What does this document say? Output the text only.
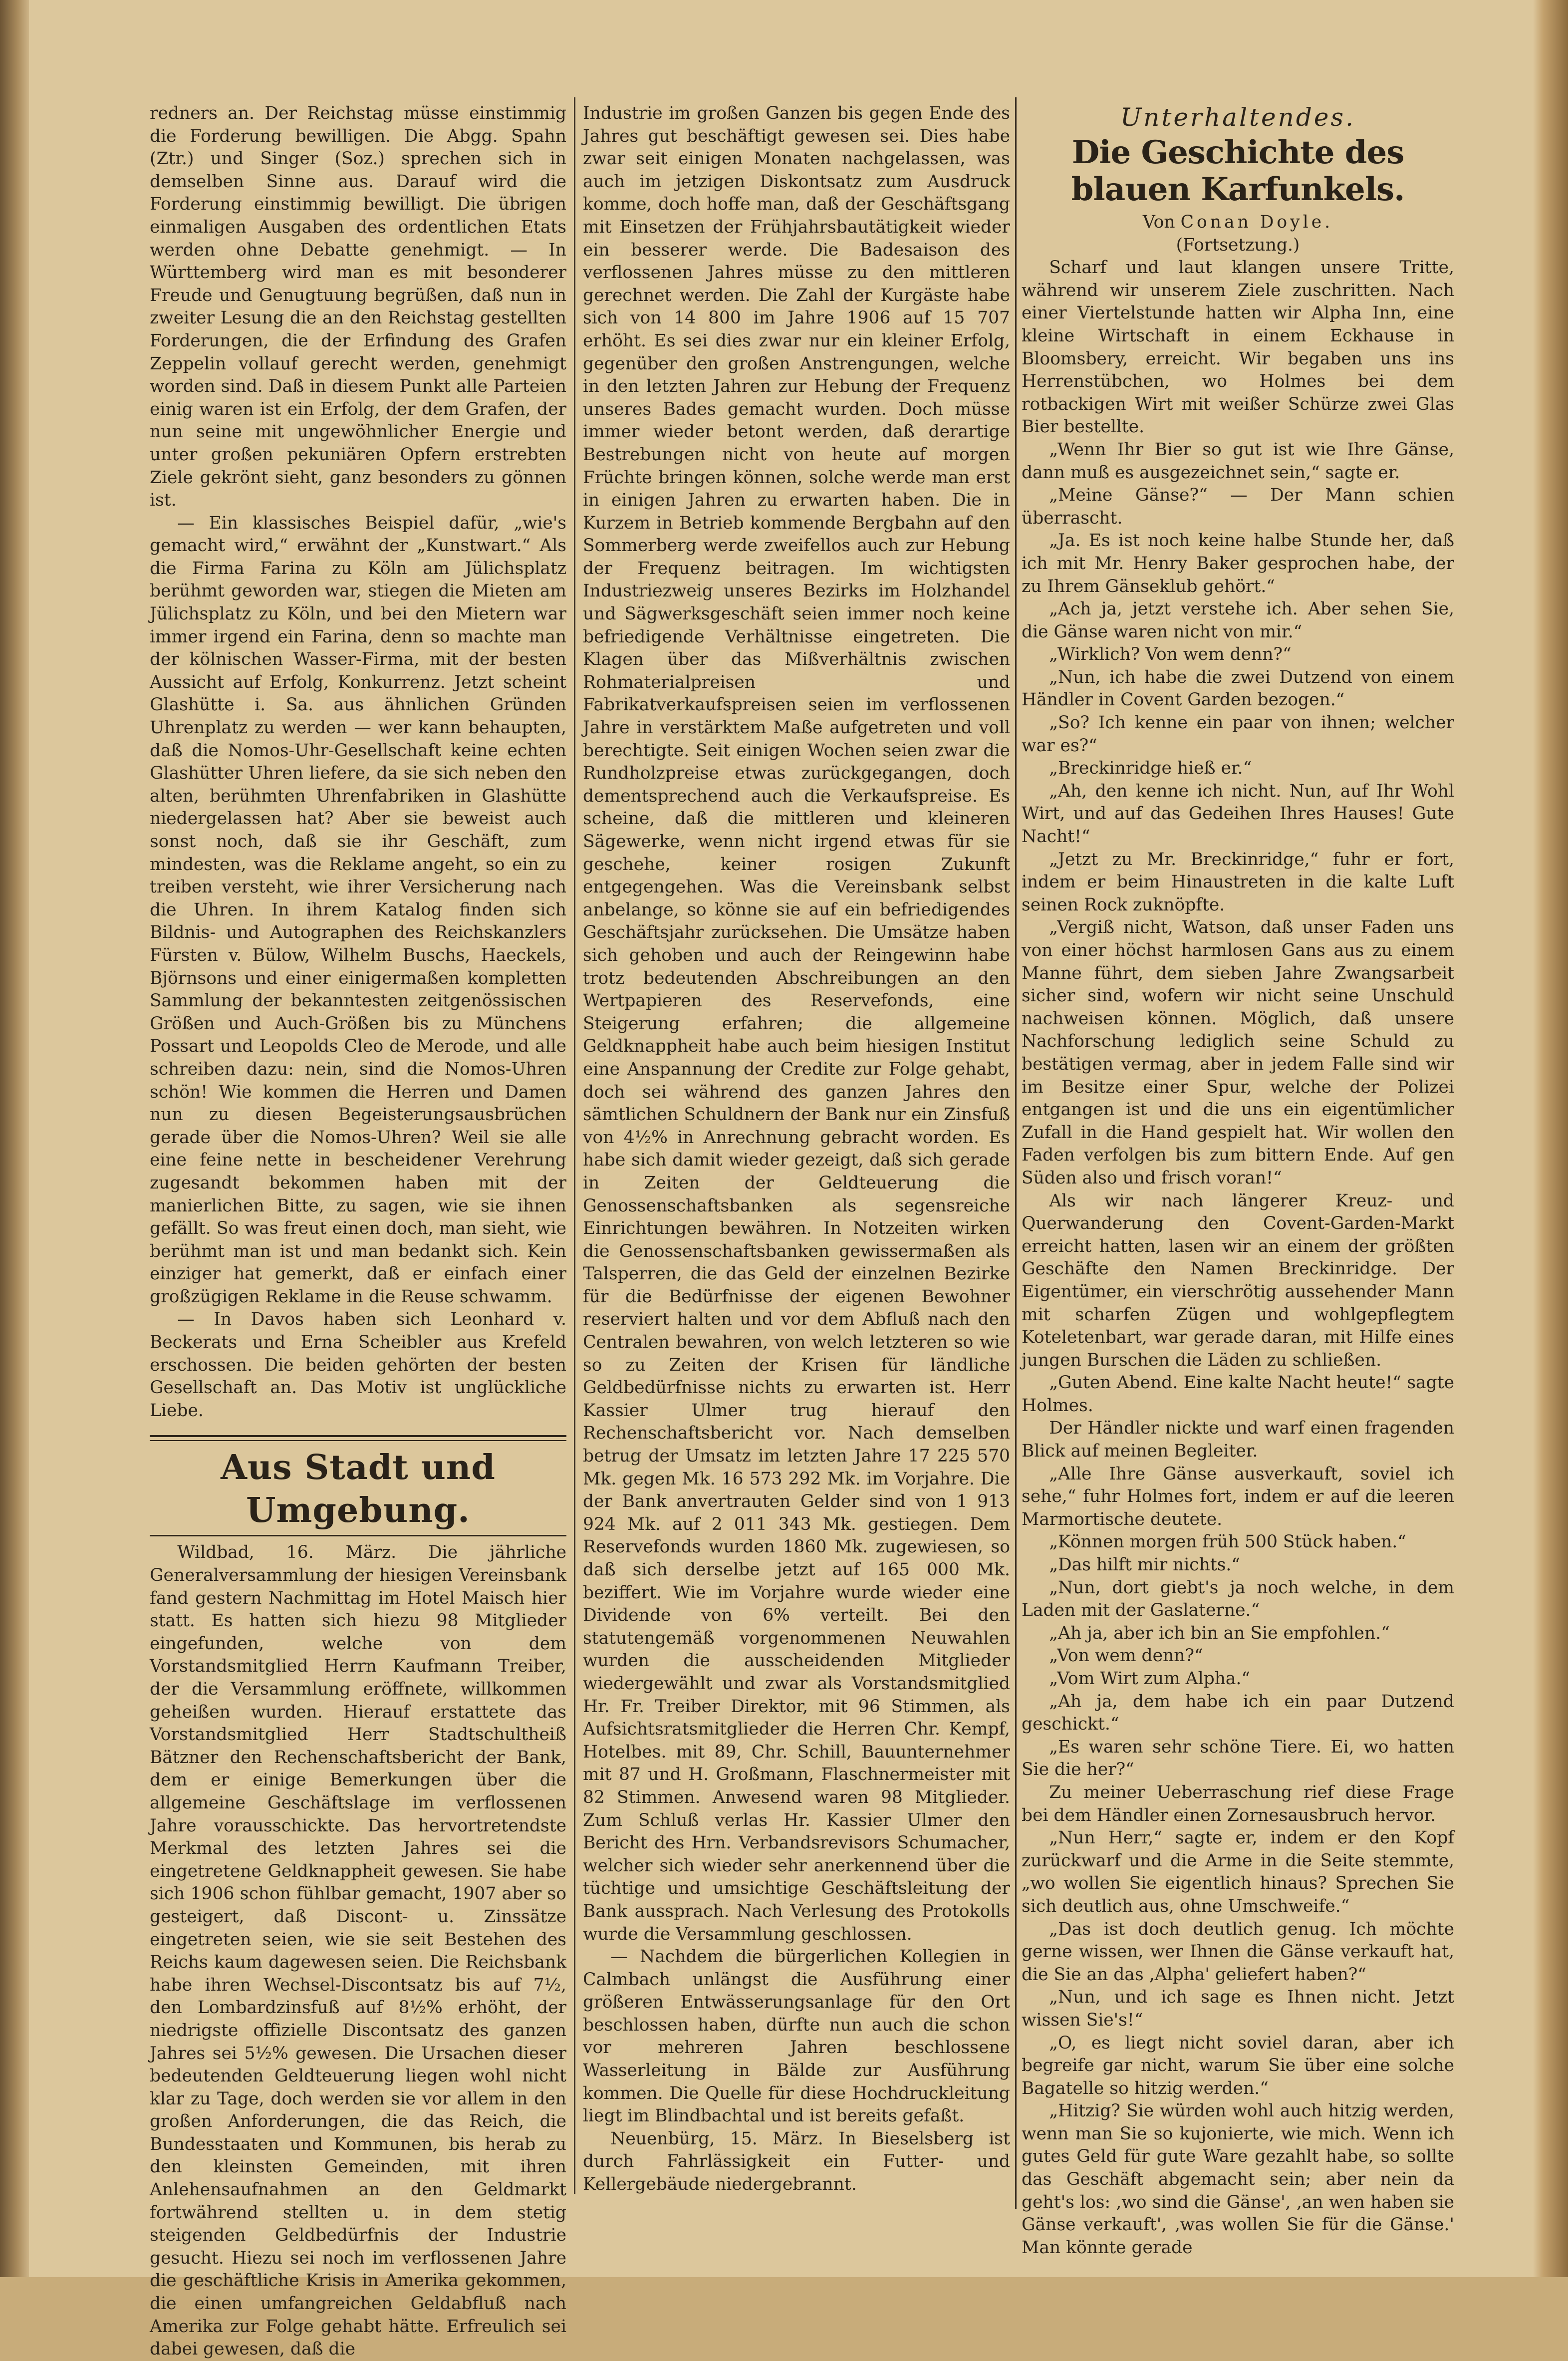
redners an. Der Reichstag müsse einstimmig die Forderung bewilligen. Die Abgg. Spahn (Ztr.) und Singer (Soz.) sprechen sich in demselben Sinne aus. Darauf wird die Forderung einstimmig bewilligt. Die übrigen einmaligen Ausgaben des ordentlichen Etats werden ohne Debatte genehmigt. — In Württemberg wird man es mit besonderer Freude und Genugtuung begrüßen, daß nun in zweiter Lesung die an den Reichstag gestellten Forderungen, die der Erfindung des Grafen Zeppelin vollauf gerecht werden, genehmigt worden sind. Daß in diesem Punkt alle Parteien einig waren ist ein Erfolg, der dem Grafen, der nun seine mit ungewöhnlicher Energie und unter großen pekuniären Opfern erstrebten Ziele gekrönt sieht, ganz besonders zu gönnen ist.

— Ein klassisches Beispiel dafür, „wie's gemacht wird,“ erwähnt der „Kunstwart.“ Als die Firma Farina zu Köln am Jülichsplatz berühmt geworden war, stiegen die Mieten am Jülichsplatz zu Köln, und bei den Mietern war immer irgend ein Farina, denn so machte man der kölnischen Wasser-Firma, mit der besten Aussicht auf Erfolg, Konkurrenz. Jetzt scheint Glashütte i. Sa. aus ähnlichen Gründen Uhrenplatz zu werden — wer kann behaupten, daß die Nomos-Uhr-Gesellschaft keine echten Glashütter Uhren liefere, da sie sich neben den alten, berühmten Uhrenfabriken in Glashütte niedergelassen hat? Aber sie beweist auch sonst noch, daß sie ihr Geschäft, zum mindesten, was die Reklame angeht, so ein zu treiben versteht, wie ihrer Versicherung nach die Uhren. In ihrem Katalog finden sich Bildnis- und Autographen des Reichskanzlers Fürsten v. Bülow, Wilhelm Buschs, Haeckels, Björnsons und einer einigermaßen kompletten Sammlung der bekanntesten zeitgenössischen Größen und Auch-Größen bis zu Münchens Possart und Leopolds Cleo de Merode, und alle schreiben dazu: nein, sind die Nomos-Uhren schön! Wie kommen die Herren und Damen nun zu diesen Begeisterungsausbrüchen gerade über die Nomos-Uhren? Weil sie alle eine feine nette in bescheidener Verehrung zugesandt bekommen haben mit der manierlichen Bitte, zu sagen, wie sie ihnen gefällt. So was freut einen doch, man sieht, wie berühmt man ist und man bedankt sich. Kein einziger hat gemerkt, daß er einfach einer großzügigen Reklame in die Reuse schwamm.

— In Davos haben sich Leonhard v. Beckerats und Erna Scheibler aus Krefeld erschossen. Die beiden gehörten der besten Gesellschaft an. Das Motiv ist unglückliche Liebe.

Aus Stadt und Umgebung.

Wildbad, 16. März. Die jährliche Generalversammlung der hiesigen Vereinsbank fand gestern Nachmittag im Hotel Maisch hier statt. Es hatten sich hiezu 98 Mitglieder eingefunden, welche von dem Vorstandsmitglied Herrn Kaufmann Treiber, der die Versammlung eröffnete, willkommen geheißen wurden. Hierauf erstattete das Vorstandsmitglied Herr Stadtschultheiß Bätzner den Rechenschaftsbericht der Bank, dem er einige Bemerkungen über die allgemeine Geschäftslage im verflossenen Jahre vorausschickte. Das hervortretendste Merkmal des letzten Jahres sei die eingetretene Geldknappheit gewesen. Sie habe sich 1906 schon fühlbar gemacht, 1907 aber so gesteigert, daß Discont- u. Zinssätze eingetreten seien, wie sie seit Bestehen des Reichs kaum dagewesen seien. Die Reichsbank habe ihren Wechsel-Discontsatz bis auf 7½, den Lombardzinsfuß auf 8½% erhöht, der niedrigste offizielle Discontsatz des ganzen Jahres sei 5½% gewesen. Die Ursachen dieser bedeutenden Geldteuerung liegen wohl nicht klar zu Tage, doch werden sie vor allem in den großen Anforderungen, die das Reich, die Bundesstaaten und Kommunen, bis herab zu den kleinsten Gemeinden, mit ihren Anlehensaufnahmen an den Geldmarkt fortwährend stellten u. in dem stetig steigenden Geldbedürfnis der Industrie gesucht. Hiezu sei noch im verflossenen Jahre die geschäftliche Krisis in Amerika gekommen, die einen umfangreichen Geldabfluß nach Amerika zur Folge gehabt hätte. Erfreulich sei dabei gewesen, daß die

Industrie im großen Ganzen bis gegen Ende des Jahres gut beschäftigt gewesen sei. Dies habe zwar seit einigen Monaten nachgelassen, was auch im jetzigen Diskontsatz zum Ausdruck komme, doch hoffe man, daß der Geschäftsgang mit Einsetzen der Frühjahrsbautätigkeit wieder ein besserer werde. Die Badesaison des verflossenen Jahres müsse zu den mittleren gerechnet werden. Die Zahl der Kurgäste habe sich von 14 800 im Jahre 1906 auf 15 707 erhöht. Es sei dies zwar nur ein kleiner Erfolg, gegenüber den großen Anstrengungen, welche in den letzten Jahren zur Hebung der Frequenz unseres Bades gemacht wurden. Doch müsse immer wieder betont werden, daß derartige Bestrebungen nicht von heute auf morgen Früchte bringen können, solche werde man erst in einigen Jahren zu erwarten haben. Die in Kurzem in Betrieb kommende Bergbahn auf den Sommerberg werde zweifellos auch zur Hebung der Frequenz beitragen. Im wichtigsten Industriezweig unseres Bezirks im Holzhandel und Sägwerksgeschäft seien immer noch keine befriedigende Verhältnisse eingetreten. Die Klagen über das Mißverhältnis zwischen Rohmaterialpreisen und Fabrikatverkaufspreisen seien im verflossenen Jahre in verstärktem Maße aufgetreten und voll berechtigte. Seit einigen Wochen seien zwar die Rundholzpreise etwas zurückgegangen, doch dementsprechend auch die Verkaufspreise. Es scheine, daß die mittleren und kleineren Sägewerke, wenn nicht irgend etwas für sie geschehe, keiner rosigen Zukunft entgegengehen. Was die Vereinsbank selbst anbelange, so könne sie auf ein befriedigendes Geschäftsjahr zurücksehen. Die Umsätze haben sich gehoben und auch der Reingewinn habe trotz bedeutenden Abschreibungen an den Wertpapieren des Reservefonds, eine Steigerung erfahren; die allgemeine Geldknappheit habe auch beim hiesigen Institut eine Anspannung der Credite zur Folge gehabt, doch sei während des ganzen Jahres den sämtlichen Schuldnern der Bank nur ein Zinsfuß von 4½% in Anrechnung gebracht worden. Es habe sich damit wieder gezeigt, daß sich gerade in Zeiten der Geldteuerung die Genossenschaftsbanken als segensreiche Einrichtungen bewähren. In Notzeiten wirken die Genossenschaftsbanken gewissermaßen als Talsperren, die das Geld der einzelnen Bezirke für die Bedürfnisse der eigenen Bewohner reserviert halten und vor dem Abfluß nach den Centralen bewahren, von welch letzteren so wie so zu Zeiten der Krisen für ländliche Geldbedürfnisse nichts zu erwarten ist. Herr Kassier Ulmer trug hierauf den Rechenschaftsbericht vor. Nach demselben betrug der Umsatz im letzten Jahre 17 225 570 Mk. gegen Mk. 16 573 292 Mk. im Vorjahre. Die der Bank anvertrauten Gelder sind von 1 913 924 Mk. auf 2 011 343 Mk. gestiegen. Dem Reservefonds wurden 1860 Mk. zugewiesen, so daß sich derselbe jetzt auf 165 000 Mk. beziffert. Wie im Vorjahre wurde wieder eine Dividende von 6% verteilt. Bei den statutengemäß vorgenommenen Neuwahlen wurden die ausscheidenden Mitglieder wiedergewählt und zwar als Vorstandsmitglied Hr. Fr. Treiber Direktor, mit 96 Stimmen, als Aufsichtsratsmitglieder die Herren Chr. Kempf, Hotelbes. mit 89, Chr. Schill, Bauunternehmer mit 87 und H. Großmann, Flaschnermeister mit 82 Stimmen. Anwesend waren 98 Mitglieder. Zum Schluß verlas Hr. Kassier Ulmer den Bericht des Hrn. Verbandsrevisors Schumacher, welcher sich wieder sehr anerkennend über die tüchtige und umsichtige Geschäftsleitung der Bank aussprach. Nach Verlesung des Protokolls wurde die Versammlung geschlossen.

— Nachdem die bürgerlichen Kollegien in Calmbach unlängst die Ausführung einer größeren Entwässerungsanlage für den Ort beschlossen haben, dürfte nun auch die schon vor mehreren Jahren beschlossene Wasserleitung in Bälde zur Ausführung kommen. Die Quelle für diese Hochdruckleitung liegt im Blindbachtal und ist bereits gefaßt.

Neuenbürg, 15. März. In Bieselsberg ist durch Fahrlässigkeit ein Futter- und Kellergebäude niedergebrannt.

Unterhaltendes.
Die Geschichte des blauen Karfunkels.

Von Conan Doyle.

(Fortsetzung.)

Scharf und laut klangen unsere Tritte, während wir unserem Ziele zuschritten. Nach einer Viertelstunde hatten wir Alpha Inn, eine kleine Wirtschaft in einem Eckhause in Bloomsbery, erreicht. Wir begaben uns ins Herrenstübchen, wo Holmes bei dem rotbackigen Wirt mit weißer Schürze zwei Glas Bier bestellte.

„Wenn Ihr Bier so gut ist wie Ihre Gänse, dann muß es ausgezeichnet sein,“ sagte er.

„Meine Gänse?“ — Der Mann schien überrascht.

„Ja. Es ist noch keine halbe Stunde her, daß ich mit Mr. Henry Baker gesprochen habe, der zu Ihrem Gänseklub gehört.“

„Ach ja, jetzt verstehe ich. Aber sehen Sie, die Gänse waren nicht von mir.“

„Wirklich? Von wem denn?“

„Nun, ich habe die zwei Dutzend von einem Händler in Covent Garden bezogen.“

„So? Ich kenne ein paar von ihnen; welcher war es?“

„Breckinridge hieß er.“

„Ah, den kenne ich nicht. Nun, auf Ihr Wohl Wirt, und auf das Gedeihen Ihres Hauses! Gute Nacht!“

„Jetzt zu Mr. Breckinridge,“ fuhr er fort, indem er beim Hinaustreten in die kalte Luft seinen Rock zuknöpfte.

„Vergiß nicht, Watson, daß unser Faden uns von einer höchst harmlosen Gans aus zu einem Manne führt, dem sieben Jahre Zwangsarbeit sicher sind, wofern wir nicht seine Unschuld nachweisen können. Möglich, daß unsere Nachforschung lediglich seine Schuld zu bestätigen vermag, aber in jedem Falle sind wir im Besitze einer Spur, welche der Polizei entgangen ist und die uns ein eigentümlicher Zufall in die Hand gespielt hat. Wir wollen den Faden verfolgen bis zum bittern Ende. Auf gen Süden also und frisch voran!“

Als wir nach längerer Kreuz- und Querwanderung den Covent-Garden-Markt erreicht hatten, lasen wir an einem der größten Geschäfte den Namen Breckinridge. Der Eigentümer, ein vierschrötig aussehender Mann mit scharfen Zügen und wohlgepflegtem Koteletenbart, war gerade daran, mit Hilfe eines jungen Burschen die Läden zu schließen.

„Guten Abend. Eine kalte Nacht heute!“ sagte Holmes.

Der Händler nickte und warf einen fragenden Blick auf meinen Begleiter.

„Alle Ihre Gänse ausverkauft, soviel ich sehe,“ fuhr Holmes fort, indem er auf die leeren Marmortische deutete.

„Können morgen früh 500 Stück haben.“

„Das hilft mir nichts.“

„Nun, dort giebt's ja noch welche, in dem Laden mit der Gaslaterne.“

„Ah ja, aber ich bin an Sie empfohlen.“

„Von wem denn?“

„Vom Wirt zum Alpha.“

„Ah ja, dem habe ich ein paar Dutzend geschickt.“

„Es waren sehr schöne Tiere. Ei, wo hatten Sie die her?“

Zu meiner Ueberraschung rief diese Frage bei dem Händler einen Zornesausbruch hervor.

„Nun Herr,“ sagte er, indem er den Kopf zurückwarf und die Arme in die Seite stemmte, „wo wollen Sie eigentlich hinaus? Sprechen Sie sich deutlich aus, ohne Umschweife.“

„Das ist doch deutlich genug. Ich möchte gerne wissen, wer Ihnen die Gänse verkauft hat, die Sie an das ‚Alpha' geliefert haben?“

„Nun, und ich sage es Ihnen nicht. Jetzt wissen Sie's!“

„O, es liegt nicht soviel daran, aber ich begreife gar nicht, warum Sie über eine solche Bagatelle so hitzig werden.“

„Hitzig? Sie würden wohl auch hitzig werden, wenn man Sie so kujonierte, wie mich. Wenn ich gutes Geld für gute Ware gezahlt habe, so sollte das Geschäft abgemacht sein; aber nein da geht's los: ‚wo sind die Gänse', ‚an wen haben sie Gänse verkauft', ‚was wollen Sie für die Gänse.' Man könnte gerade
